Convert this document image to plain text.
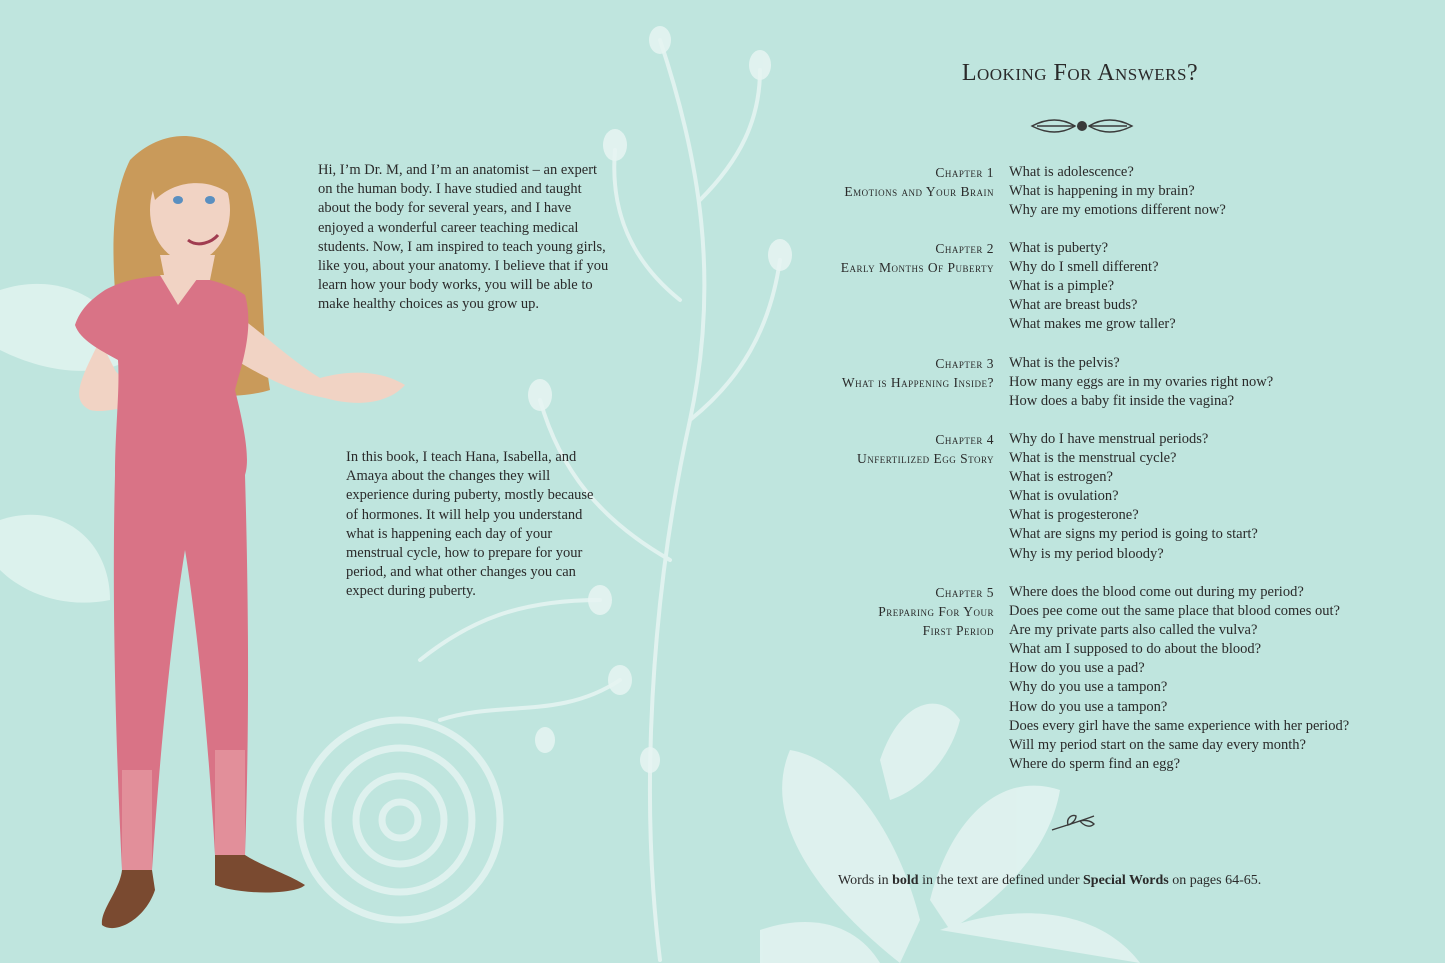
Hi, I’m Dr. M, and I’m an anatomist – an expert on the human body. I have studied and taught about the body for several years, and I have enjoyed a wonderful career teaching medical students. Now, I am inspired to teach young girls, like you, about your anatomy. I believe that if you learn how your body works, you will be able to make healthy choices as you grow up.

In this book, I teach Hana, Isabella, and Amaya about the changes they will experience during puberty, mostly because of hormones. It will help you understand what is happening each day of your menstrual cycle, how to prepare for your period, and what other changes you can expect during puberty.

Looking For Answers?
Chapter 1
Emotions and Your Brain
What is adolescence?
What is happening in my brain?
Why are my emotions different now?
Chapter 2
Early Months Of Puberty
What is puberty?
Why do I smell different?
What is a pimple?
What are breast buds?
What makes me grow taller?
Chapter 3
What is Happening Inside?
What is the pelvis?
How many eggs are in my ovaries right now?
How does a baby fit inside the vagina?
Chapter 4
Unfertilized Egg Story
Why do I have menstrual periods?
What is the menstrual cycle?
What is estrogen?
What is ovulation?
What is progesterone?
What are signs my period is going to start?
Why is my period bloody?
Chapter 5
Preparing For Your
First Period
Where does the blood come out during my period?
Does pee come out the same place that blood comes out?
Are my private parts also called the vulva?
What am I supposed to do about the blood?
How do you use a pad?
Why do you use a tampon?
How do you use a tampon?
Does every girl have the same experience with her period?
Will my period start on the same day every month?
Where do sperm find an egg?

Words in bold in the text are defined under Special Words on pages 64-65.
